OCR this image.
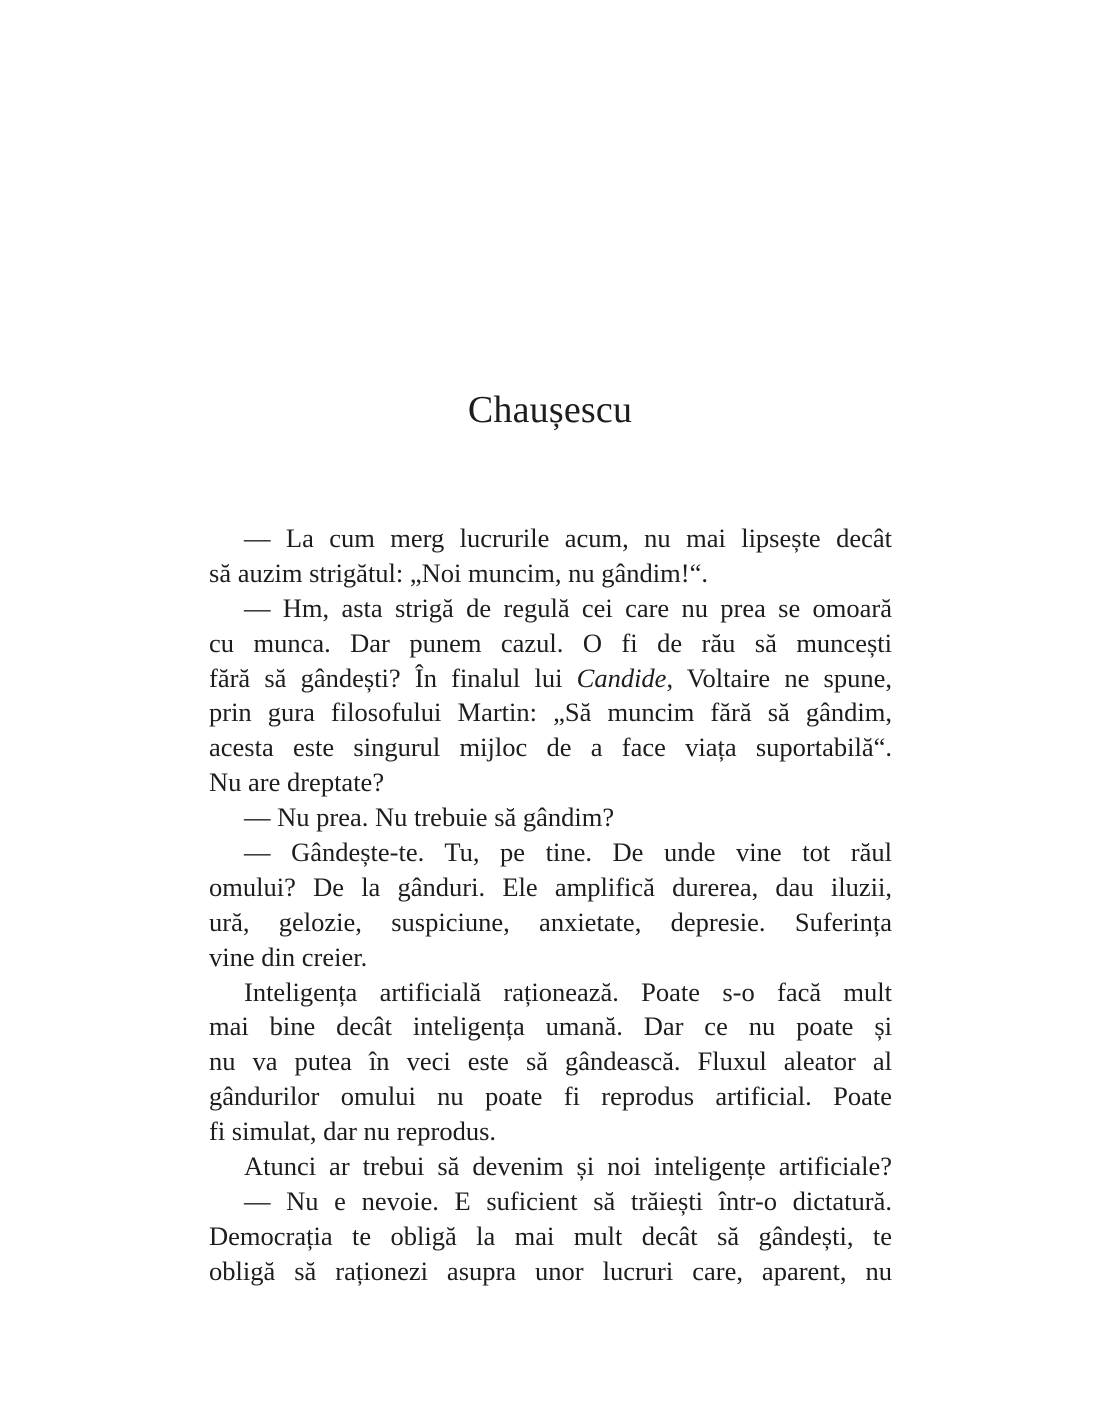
Chaușescu
— La cum merg lucrurile acum, nu mai lipsește decât
să auzim strigătul: „Noi muncim, nu gândim!“.
— Hm, asta strigă de regulă cei care nu prea se omoară
cu munca. Dar punem cazul. O fi de rău să muncești
fără să gândești? În finalul lui Candide, Voltaire ne spune,
prin gura filosofului Martin: „Să muncim fără să gândim,
acesta este singurul mijloc de a face viața suportabilă“.
Nu are dreptate?
— Nu prea. Nu trebuie să gândim?
— Gândește-te. Tu, pe tine. De unde vine tot răul
omului? De la gânduri. Ele amplifică durerea, dau iluzii,
ură, gelozie, suspiciune, anxietate, depresie. Suferința
vine din creier.
Inteligența artificială raționează. Poate s-o facă mult
mai bine decât inteligența umană. Dar ce nu poate și
nu va putea în veci este să gândească. Fluxul aleator al
gândurilor omului nu poate fi reprodus artificial. Poate
fi simulat, dar nu reprodus.
Atunci ar trebui să devenim și noi inteligențe artificiale?
— Nu e nevoie. E suficient să trăiești într-o dictatură.
Democrația te obligă la mai mult decât să gândești, te
obligă să raționezi asupra unor lucruri care, aparent, nu
